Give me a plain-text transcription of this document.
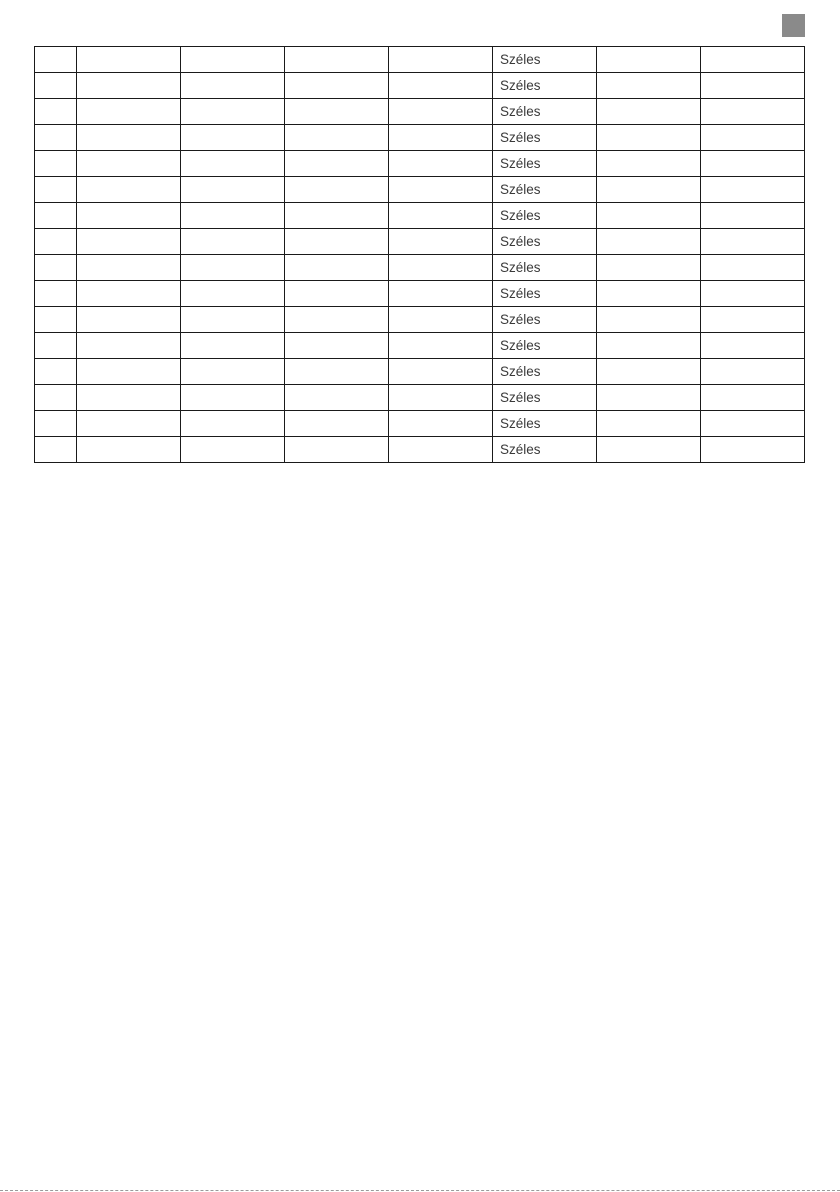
					Széles		
					Széles		
					Széles		
					Széles		
					Széles		
					Széles		
					Széles		
					Széles		
					Széles		
					Széles		
					Széles		
					Széles		
					Széles		
					Széles		
					Széles		
					Széles		
